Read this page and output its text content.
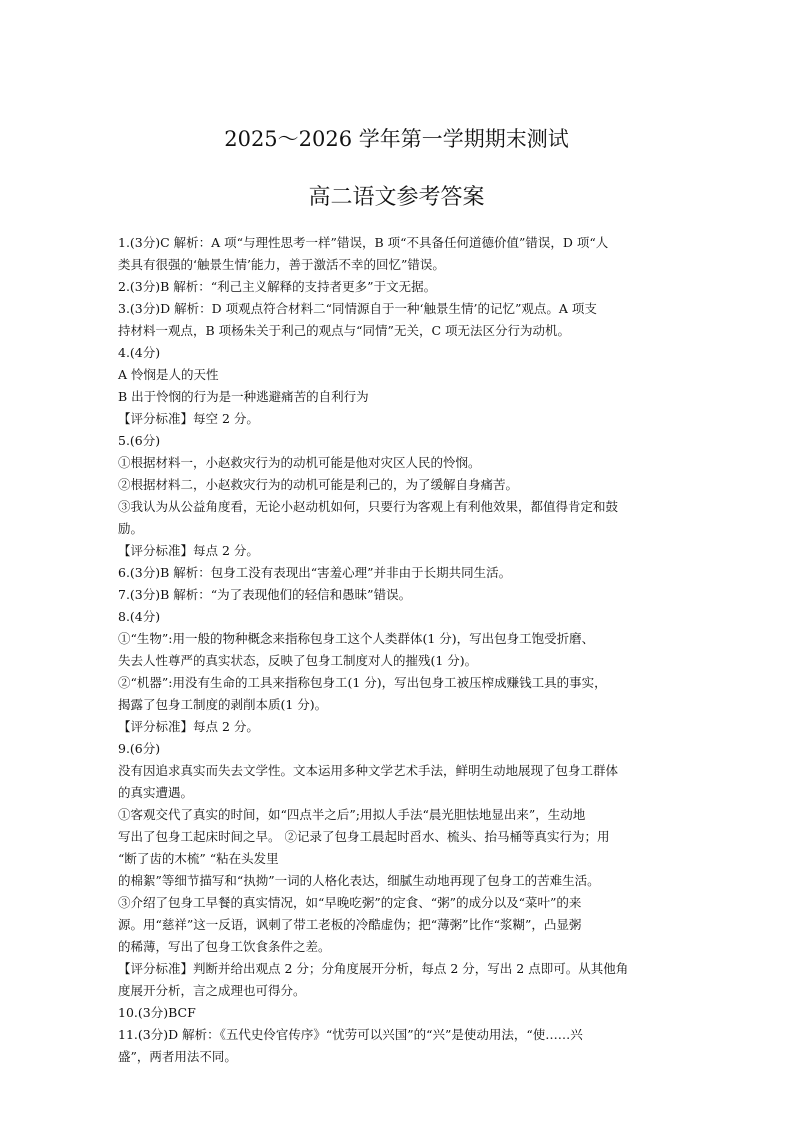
2025～2026 学年第一学期期末测试
高二语文参考答案
1.(3分)C 解析：A 项“与理性思考一样”错误，B 项“不具备任何道德价值”错误，D 项“人
类具有很强的‘触景生情’能力，善于激活不幸的回忆”错误。
2.(3分)B 解析：“利己主义解释的支持者更多”于文无据。
3.(3分)D 解析：D 项观点符合材料二“同情源自于一种‘触景生情’的记忆”观点。A 项支
持材料一观点，B 项杨朱关于利己的观点与“同情”无关，C 项无法区分行为动机。
4.(4分)
A 怜悯是人的天性
B 出于怜悯的行为是一种逃避痛苦的自利行为
【评分标准】每空 2 分。
5.(6分)
①根据材料一，小赵救灾行为的动机可能是他对灾区人民的怜悯。
②根据材料二，小赵救灾行为的动机可能是利己的，为了缓解自身痛苦。
③我认为从公益角度看，无论小赵动机如何，只要行为客观上有利他效果，都值得肯定和鼓
励。
【评分标准】每点 2 分。
6.(3分)B 解析：包身工没有表现出“害羞心理”并非由于长期共同生活。
7.(3分)B 解析：“为了表现他们的轻信和愚昧”错误。
8.(4分)
①“生物”:用一般的物种概念来指称包身工这个人类群体(1 分)，写出包身工饱受折磨、
失去人性尊严的真实状态，反映了包身工制度对人的摧残(1 分)。
②“机器”:用没有生命的工具来指称包身工(1 分)，写出包身工被压榨成赚钱工具的事实，
揭露了包身工制度的剥削本质(1 分)。
【评分标准】每点 2 分。
9.(6分)
没有因追求真实而失去文学性。文本运用多种文学艺术手法，鲜明生动地展现了包身工群体
的真实遭遇。
①客观交代了真实的时间，如“四点半之后”;用拟人手法“晨光胆怯地显出来”，生动地
写出了包身工起床时间之早。 ②记录了包身工晨起时舀水、梳头、抬马桶等真实行为；用
“断了齿的木梳” “粘在头发里
的棉絮”等细节描写和“执拗”一词的人格化表达，细腻生动地再现了包身工的苦难生活。
③介绍了包身工早餐的真实情况，如“早晚吃粥”的定食、“粥”的成分以及“菜叶”的来
源。用“慈祥”这一反语，讽刺了带工老板的冷酷虚伪；把“薄粥”比作“浆糊”，凸显粥
的稀薄，写出了包身工饮食条件之差。
【评分标准】判断并给出观点 2 分；分角度展开分析，每点 2 分，写出 2 点即可。从其他角
度展开分析，言之成理也可得分。
10.(3分)BCF
11.(3分)D 解析：《五代史伶官传序》“忧劳可以兴国”的“兴”是使动用法，“使……兴
盛”，两者用法不同。
